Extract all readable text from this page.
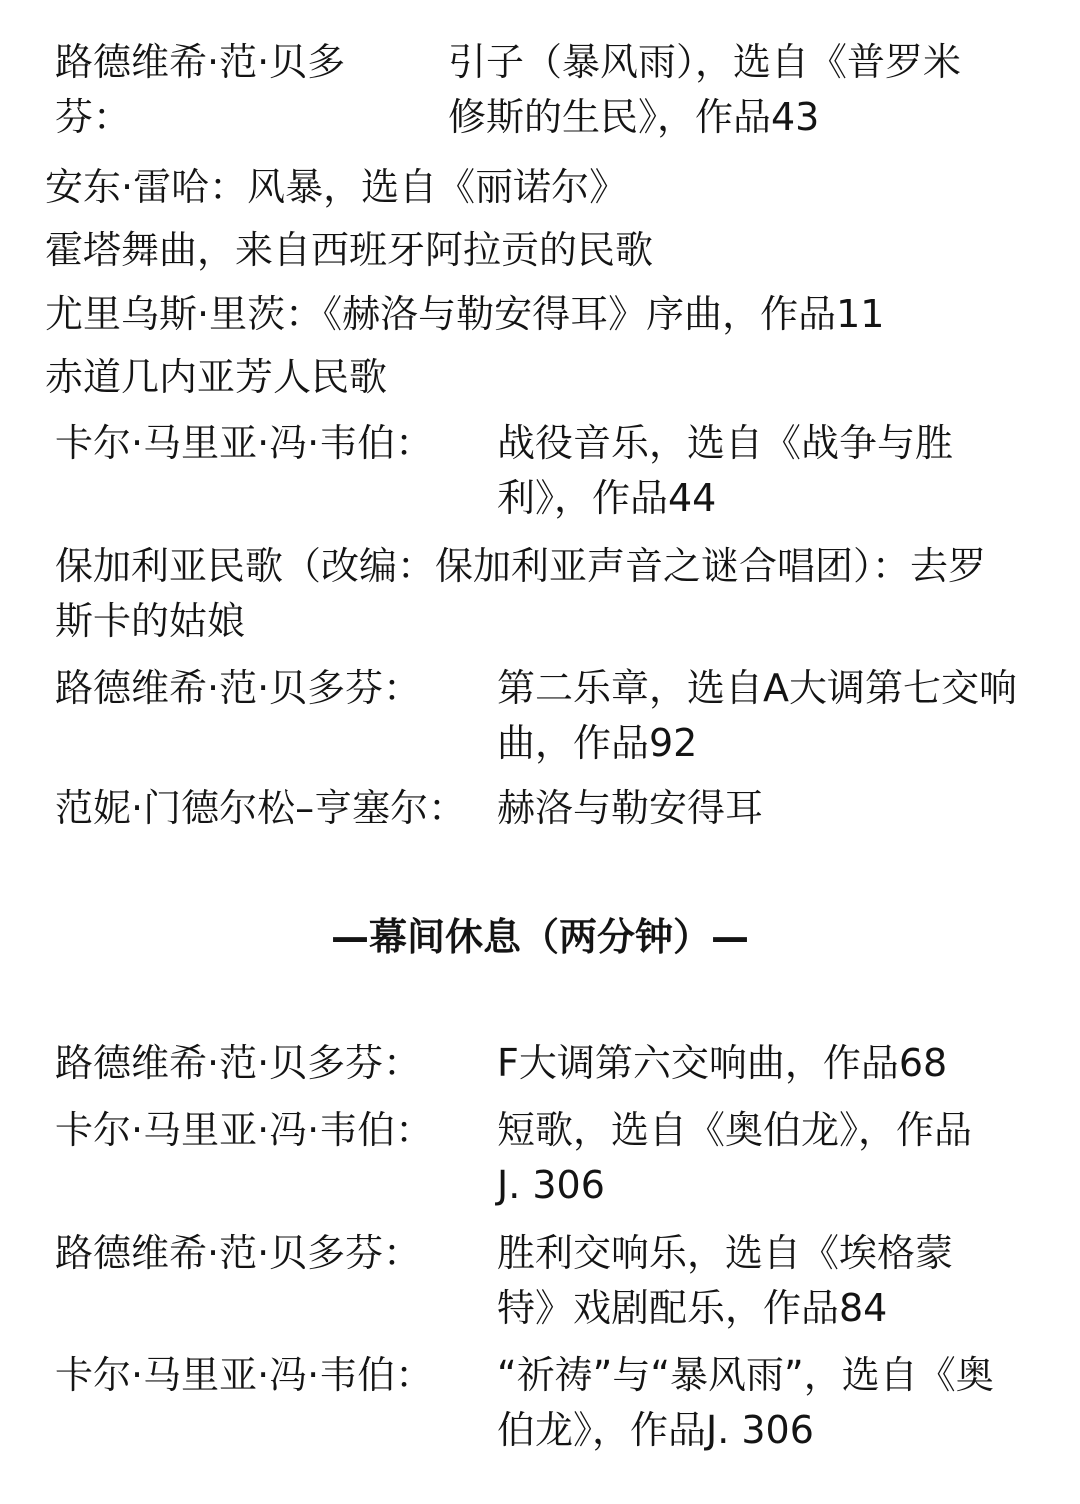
路德维希·范·贝多
芬：
引子（暴风雨），选自《普罗米
修斯的生民》，作品43
安东·雷哈：风暴，选自《丽诺尔》
霍塔舞曲，来自西班牙阿拉贡的民歌
尤里乌斯·里茨：《赫洛与勒安得耳》序曲，作品11
赤道几内亚芳人民歌
卡尔·马里亚·冯·韦伯： 战役音乐，选自《战争与胜
利》，作品44
保加利亚民歌（改编：保加利亚声音之谜合唱团）：去罗
斯卡的姑娘
路德维希·范·贝多芬： 第二乐章，选自A大调第七交响
曲，作品92
范妮·门德尔松–亨塞尔： 赫洛与勒安得耳
—幕间休息（两分钟）—
路德维希·范·贝多芬： F大调第六交响曲，作品68
卡尔·马里亚·冯·韦伯： 短歌，选自《奥伯龙》，作品
J. 306
路德维希·范·贝多芬： 胜利交响乐，选自《埃格蒙
特》戏剧配乐，作品84
卡尔·马里亚·冯·韦伯： “祈祷”与“暴风雨”，选自《奥
伯龙》，作品J. 306
